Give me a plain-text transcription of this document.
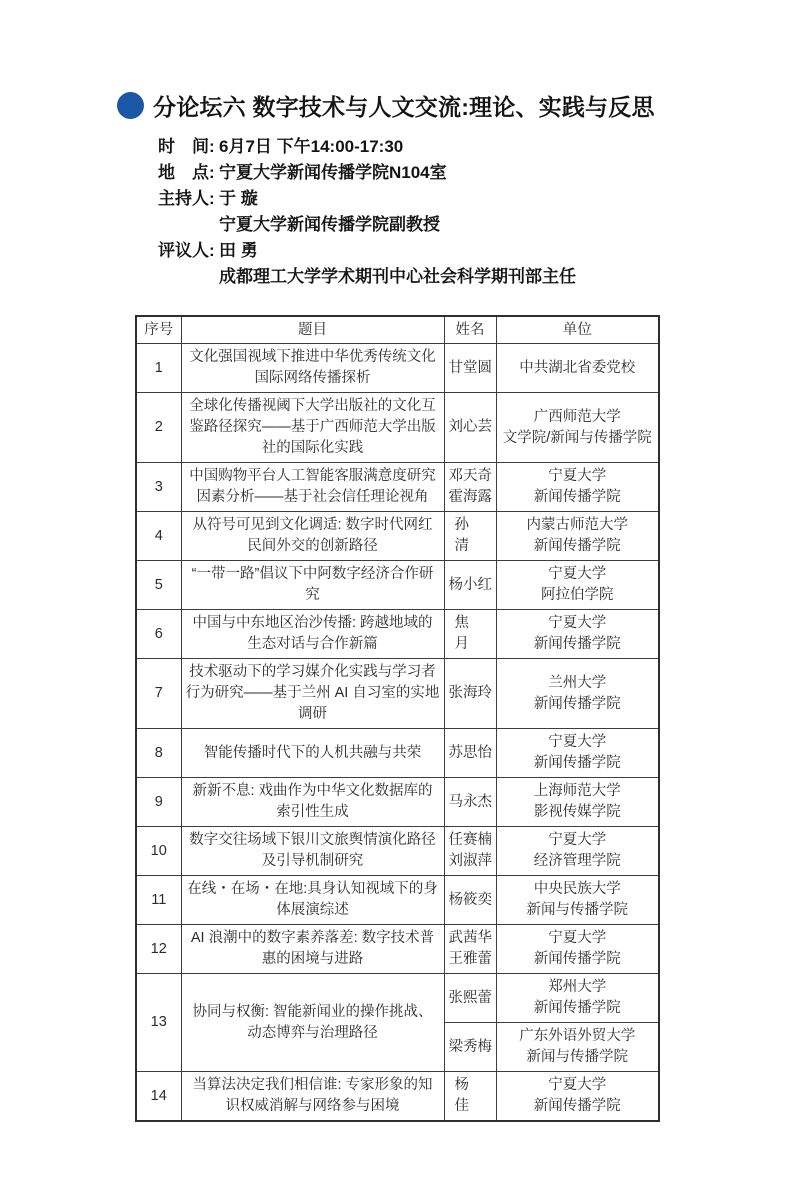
分论坛六 数字技术与人文交流:理论、实践与反思
时　间: 6月7日 下午14:00-17:30
地　点: 宁夏大学新闻传播学院N104室
主持人: 于 璇
宁夏大学新闻传播学院副教授
评议人: 田 勇
成都理工大学学术期刊中心社会科学期刊部主任
序号	题目	姓名	单位
1	文化强国视域下推进中华优秀传统文化国际网络传播探析	甘堂圆	中共湖北省委党校

2	全球化传播视阈下大学出版社的文化互鉴路径探究——基于广西师范大学出版社的国际化实践	刘心芸	广西师范大学
文学院/新闻与传播学院

3	中国购物平台人工智能客服满意度研究因素分析——基于社会信任理论视角	邓天奇
霍海露	宁夏大学
新闻传播学院

4	从符号可见到文化调适: 数字时代网红民间外交的创新路径	孙 清	内蒙古师范大学
新闻传播学院

5	“一带一路”倡议下中阿数字经济合作研究	杨小红	宁夏大学
阿拉伯学院

6	中国与中东地区治沙传播: 跨越地域的生态对话与合作新篇	焦 月	宁夏大学
新闻传播学院

7	技术驱动下的学习媒介化实践与学习者行为研究——基于兰州 AI 自习室的实地调研	张海玲	兰州大学
新闻传播学院

8	智能传播时代下的人机共融与共荣	苏思怡	宁夏大学
新闻传播学院

9	新新不息: 戏曲作为中华文化数据库的索引性生成	马永杰	上海师范大学
影视传媒学院

10	数字交往场域下银川文旅舆情演化路径及引导机制研究	任赛楠
刘淑萍	宁夏大学
经济管理学院

11	在线・在场・在地:具身认知视域下的身体展演综述	杨筱奕	中央民族大学
新闻与传播学院

12	AI 浪潮中的数字素养落差: 数字技术普惠的困境与进路	武茜华
王雅蕾	宁夏大学
新闻传播学院

13	协同与权衡: 智能新闻业的操作挑战、动态博弈与治理路径	张熙蕾	郑州大学
新闻传播学院

		梁秀梅	广东外语外贸大学
新闻与传播学院

14	当算法决定我们相信谁: 专家形象的知识权威消解与网络参与困境	杨 佳	宁夏大学
新闻传播学院
